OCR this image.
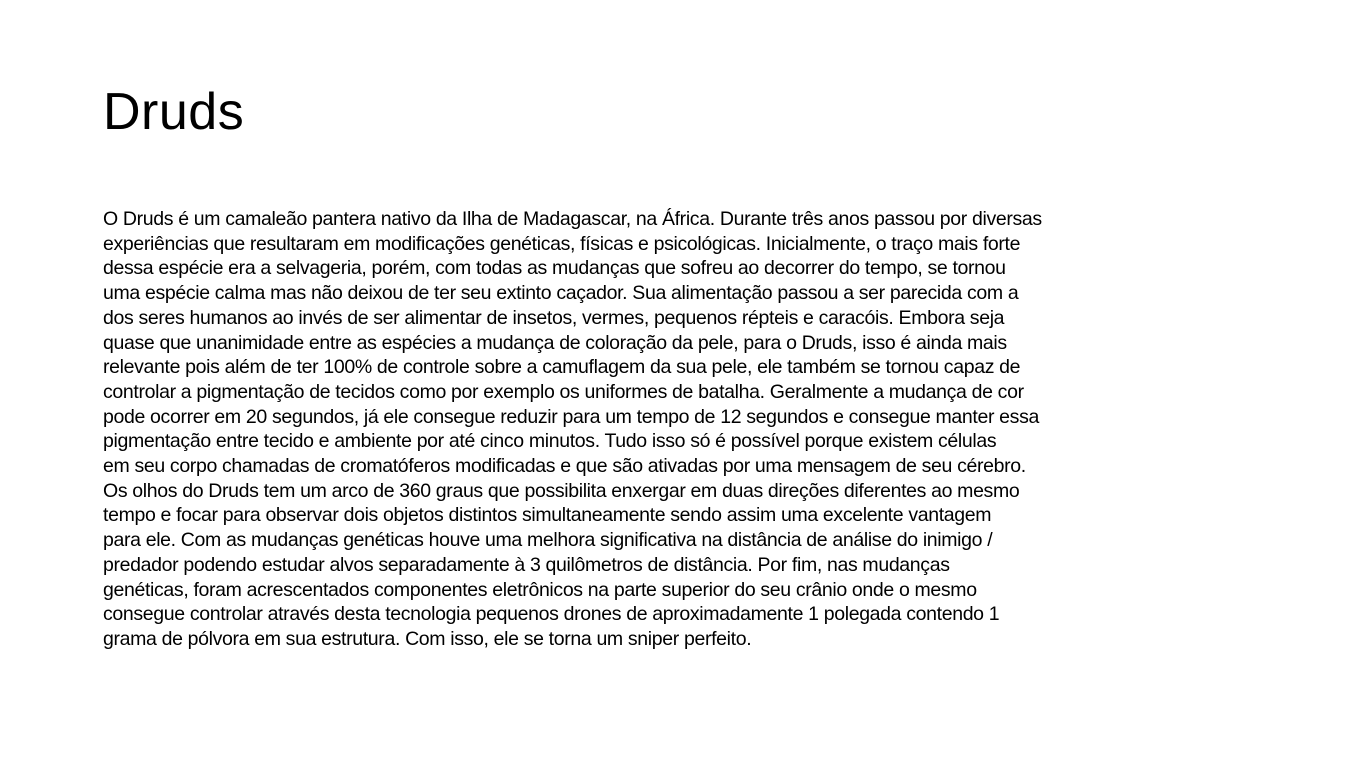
Druds
O Druds é um camaleão pantera nativo da Ilha de Madagascar, na África. Durante três anos passou por diversas
experiências que resultaram em modificações genéticas, físicas e psicológicas. Inicialmente, o traço mais forte
dessa espécie era a selvageria, porém, com todas as mudanças que sofreu ao decorrer do tempo, se tornou
uma espécie calma mas não deixou de ter seu extinto caçador. Sua alimentação passou a ser parecida com a
dos seres humanos ao invés de ser alimentar de insetos, vermes, pequenos répteis e caracóis. Embora seja
quase que unanimidade entre as espécies a mudança de coloração da pele, para o Druds, isso é ainda mais
relevante pois além de ter 100% de controle sobre a camuflagem da sua pele, ele também se tornou capaz de
controlar a pigmentação de tecidos como por exemplo os uniformes de batalha. Geralmente a mudança de cor
pode ocorrer em 20 segundos, já ele consegue reduzir para um tempo de 12 segundos e consegue manter essa
pigmentação entre tecido e ambiente por até cinco minutos. Tudo isso só é possível porque existem células
em seu corpo chamadas de cromatóferos modificadas e que são ativadas por uma mensagem de seu cérebro.
Os olhos do Druds tem um arco de 360 graus que possibilita enxergar em duas direções diferentes ao mesmo
tempo e focar para observar dois objetos distintos simultaneamente sendo assim uma excelente vantagem
para ele. Com as mudanças genéticas houve uma melhora significativa na distância de análise do inimigo /
predador podendo estudar alvos separadamente à 3 quilômetros de distância. Por fim, nas mudanças
genéticas, foram acrescentados componentes eletrônicos na parte superior do seu crânio onde o mesmo
consegue controlar através desta tecnologia pequenos drones de aproximadamente 1 polegada contendo 1
grama de pólvora em sua estrutura. Com isso, ele se torna um sniper perfeito.
